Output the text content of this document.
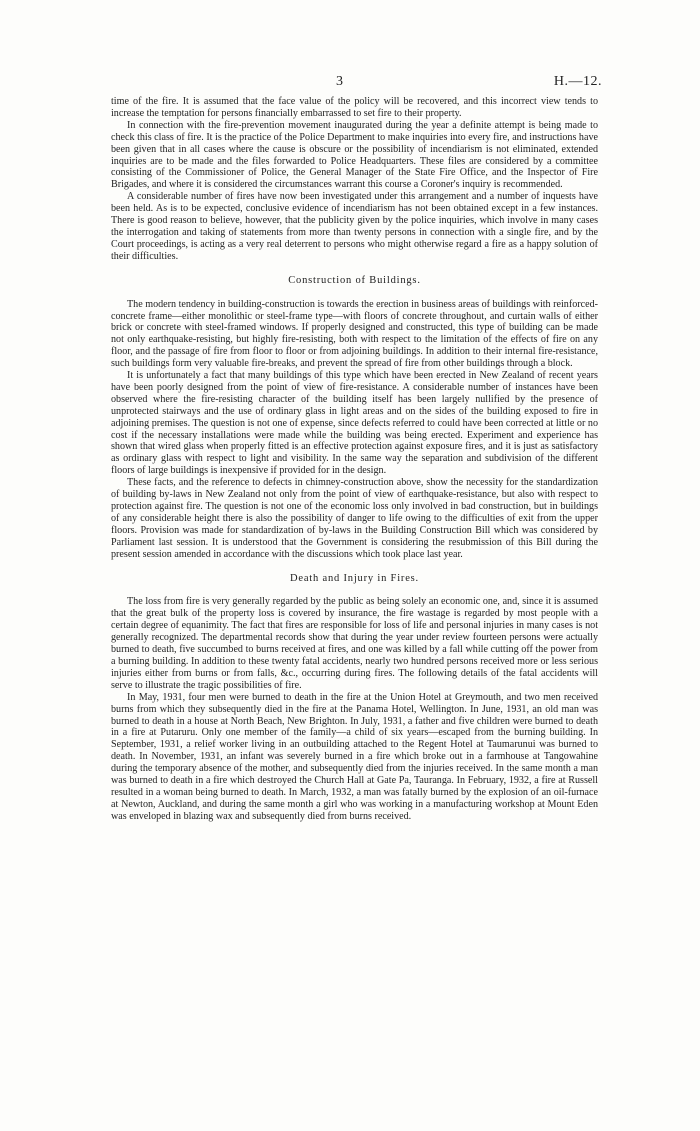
3	H.—12.

time of the fire. It is assumed that the face value of the policy will be recovered, and this incorrect view tends to increase the temptation for persons financially embarrassed to set fire to their property.

In connection with the fire-prevention movement inaugurated during the year a definite attempt is being made to check this class of fire. It is the practice of the Police Department to make inquiries into every fire, and instructions have been given that in all cases where the cause is obscure or the possibility of incendiarism is not eliminated, extended inquiries are to be made and the files forwarded to Police Headquarters. These files are considered by a committee consisting of the Commissioner of Police, the General Manager of the State Fire Office, and the Inspector of Fire Brigades, and where it is considered the circumstances warrant this course a Coroner's inquiry is recommended.

A considerable number of fires have now been investigated under this arrangement and a number of inquests have been held. As is to be expected, conclusive evidence of incendiarism has not been obtained except in a few instances. There is good reason to believe, however, that the publicity given by the police inquiries, which involve in many cases the interrogation and taking of statements from more than twenty persons in connection with a single fire, and by the Court proceedings, is acting as a very real deterrent to persons who might otherwise regard a fire as a happy solution of their difficulties.

Construction of Buildings.

The modern tendency in building-construction is towards the erection in business areas of buildings with reinforced-concrete frame—either monolithic or steel-frame type—with floors of concrete throughout, and curtain walls of either brick or concrete with steel-framed windows. If properly designed and constructed, this type of building can be made not only earthquake-resisting, but highly fire-resisting, both with respect to the limitation of the effects of fire on any floor, and the passage of fire from floor to floor or from adjoining buildings. In addition to their internal fire-resistance, such buildings form very valuable fire-breaks, and prevent the spread of fire from other buildings through a block.

It is unfortunately a fact that many buildings of this type which have been erected in New Zealand of recent years have been poorly designed from the point of view of fire-resistance. A considerable number of instances have been observed where the fire-resisting character of the building itself has been largely nullified by the presence of unprotected stairways and the use of ordinary glass in light areas and on the sides of the building exposed to fire in adjoining premises. The question is not one of expense, since defects referred to could have been corrected at little or no cost if the necessary installations were made while the building was being erected. Experiment and experience has shown that wired glass when properly fitted is an effective protection against exposure fires, and it is just as satisfactory as ordinary glass with respect to light and visibility. In the same way the separation and subdivision of the different floors of large buildings is inexpensive if provided for in the design.

These facts, and the reference to defects in chimney-construction above, show the necessity for the standardization of building by-laws in New Zealand not only from the point of view of earthquake-resistance, but also with respect to protection against fire. The question is not one of the economic loss only involved in bad construction, but in buildings of any considerable height there is also the possibility of danger to life owing to the difficulties of exit from the upper floors. Provision was made for standardization of by-laws in the Building Construction Bill which was considered by Parliament last session. It is understood that the Government is considering the resubmission of this Bill during the present session amended in accordance with the discussions which took place last year.

Death and Injury in Fires.

The loss from fire is very generally regarded by the public as being solely an economic one, and, since it is assumed that the great bulk of the property loss is covered by insurance, the fire wastage is regarded by most people with a certain degree of equanimity. The fact that fires are responsible for loss of life and personal injuries in many cases is not generally recognized. The departmental records show that during the year under review fourteen persons were actually burned to death, five succumbed to burns received at fires, and one was killed by a fall while cutting off the power from a burning building. In addition to these twenty fatal accidents, nearly two hundred persons received more or less serious injuries either from burns or from falls, &c., occurring during fires. The following details of the fatal accidents will serve to illustrate the tragic possibilities of fire.

In May, 1931, four men were burned to death in the fire at the Union Hotel at Greymouth, and two men received burns from which they subsequently died in the fire at the Panama Hotel, Wellington. In June, 1931, an old man was burned to death in a house at North Beach, New Brighton. In July, 1931, a father and five children were burned to death in a fire at Putaruru. Only one member of the family—a child of six years—escaped from the burning building. In September, 1931, a relief worker living in an outbuilding attached to the Regent Hotel at Taumarunui was burned to death. In November, 1931, an infant was severely burned in a fire which broke out in a farmhouse at Tangowahine during the temporary absence of the mother, and subsequently died from the injuries received. In the same month a man was burned to death in a fire which destroyed the Church Hall at Gate Pa, Tauranga. In February, 1932, a fire at Russell resulted in a woman being burned to death. In March, 1932, a man was fatally burned by the explosion of an oil-furnace at Newton, Auckland, and during the same month a girl who was working in a manufacturing workshop at Mount Eden was enveloped in blazing wax and subsequently died from burns received.
